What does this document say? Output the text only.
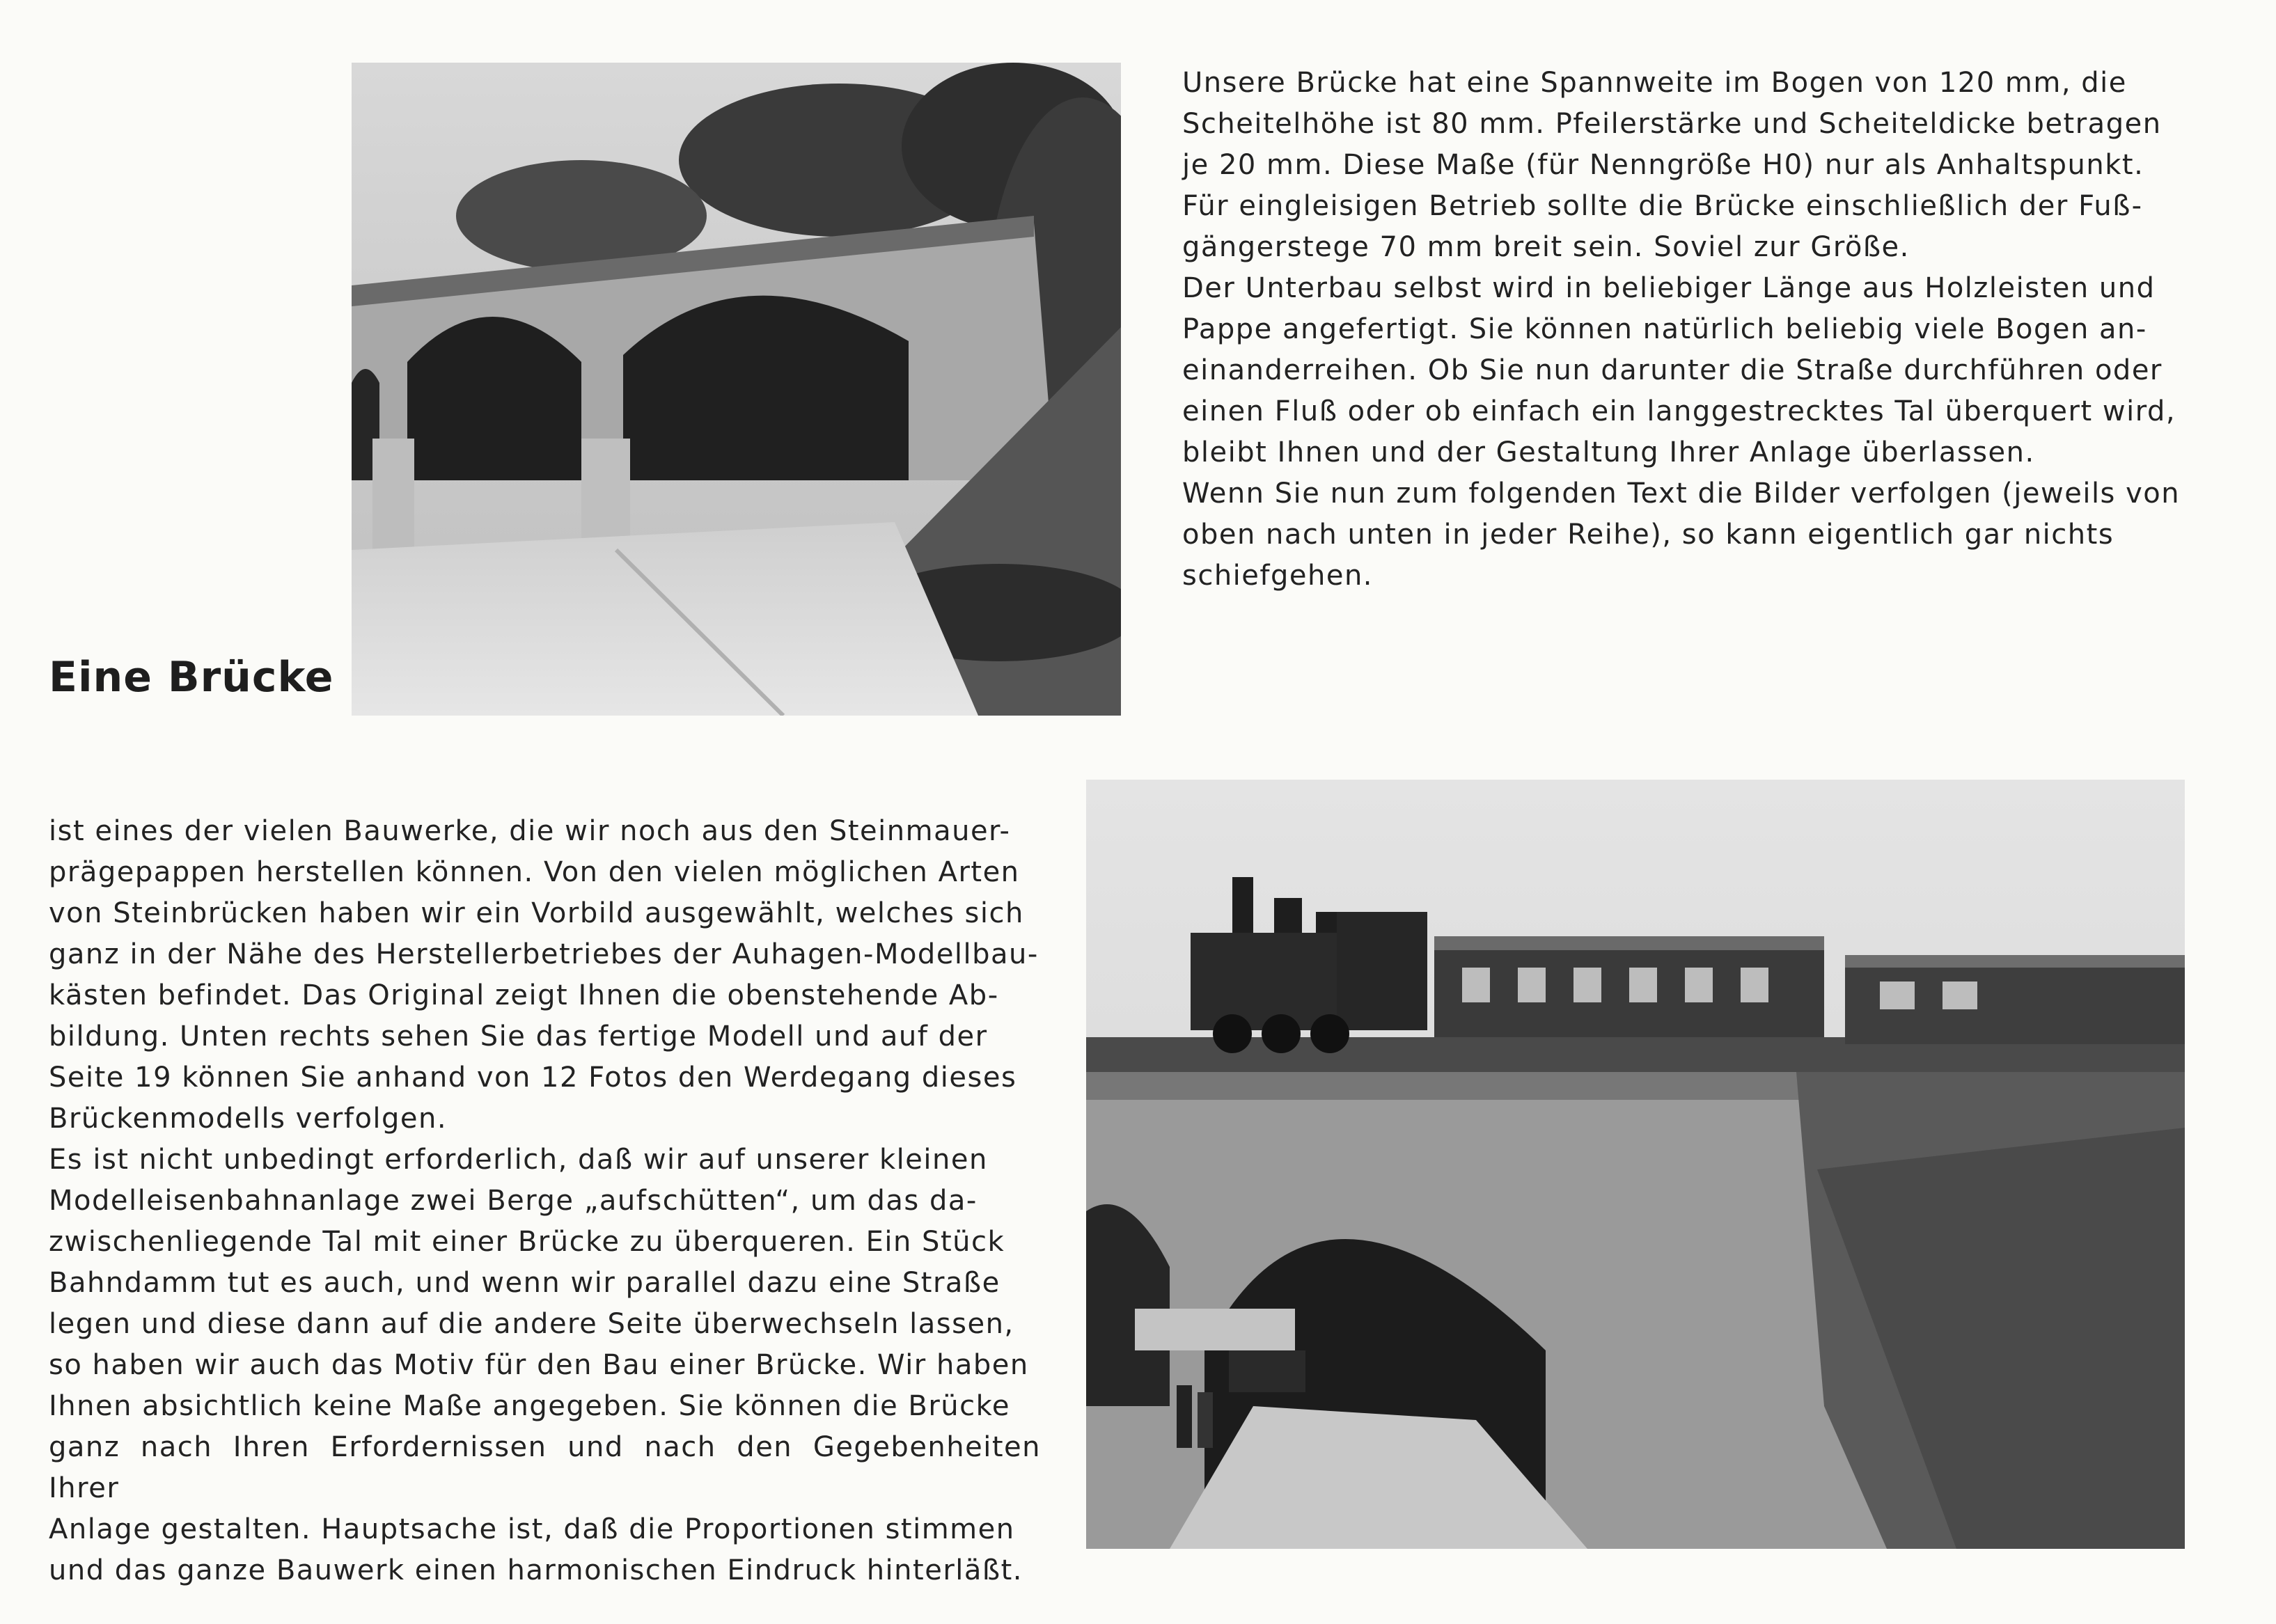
Unsere Brücke hat eine Spannweite im Bogen von 120 mm, die

Scheitelhöhe ist 80 mm. Pfeilerstärke und Scheiteldicke betragen

je 20 mm. Diese Maße (für Nenngröße H0) nur als Anhaltspunkt.

Für eingleisigen Betrieb sollte die Brücke einschließlich der Fuß-

gängerstege 70 mm breit sein. Soviel zur Größe.

Der Unterbau selbst wird in beliebiger Länge aus Holzleisten und

Pappe angefertigt. Sie können natürlich beliebig viele Bogen an-

einanderreihen. Ob Sie nun darunter die Straße durchführen oder

einen Fluß oder ob einfach ein langgestrecktes Tal überquert wird,

bleibt Ihnen und der Gestaltung Ihrer Anlage überlassen.

Wenn Sie nun zum folgenden Text die Bilder verfolgen (jeweils von

oben nach unten in jeder Reihe), so kann eigentlich gar nichts

schiefgehen.

Eine Brücke

ist eines der vielen Bauwerke, die wir noch aus den Steinmauer-

prägepappen herstellen können. Von den vielen möglichen Arten

von Steinbrücken haben wir ein Vorbild ausgewählt, welches sich

ganz in der Nähe des Herstellerbetriebes der Auhagen-Modellbau-

kästen befindet. Das Original zeigt Ihnen die obenstehende Ab-

bildung. Unten rechts sehen Sie das fertige Modell und auf der

Seite 19 können Sie anhand von 12 Fotos den Werdegang dieses

Brückenmodells verfolgen.

Es ist nicht unbedingt erforderlich, daß wir auf unserer kleinen

Modelleisenbahnanlage zwei Berge „aufschütten“, um das da-

zwischenliegende Tal mit einer Brücke zu überqueren. Ein Stück

Bahndamm tut es auch, und wenn wir parallel dazu eine Straße

legen und diese dann auf die andere Seite überwechseln lassen,

so haben wir auch das Motiv für den Bau einer Brücke. Wir haben

Ihnen absichtlich keine Maße angegeben. Sie können die Brücke

ganz nach Ihren Erfordernissen und nach den Gegebenheiten Ihrer

Anlage gestalten. Hauptsache ist, daß die Proportionen stimmen

und das ganze Bauwerk einen harmonischen Eindruck hinterläßt.
